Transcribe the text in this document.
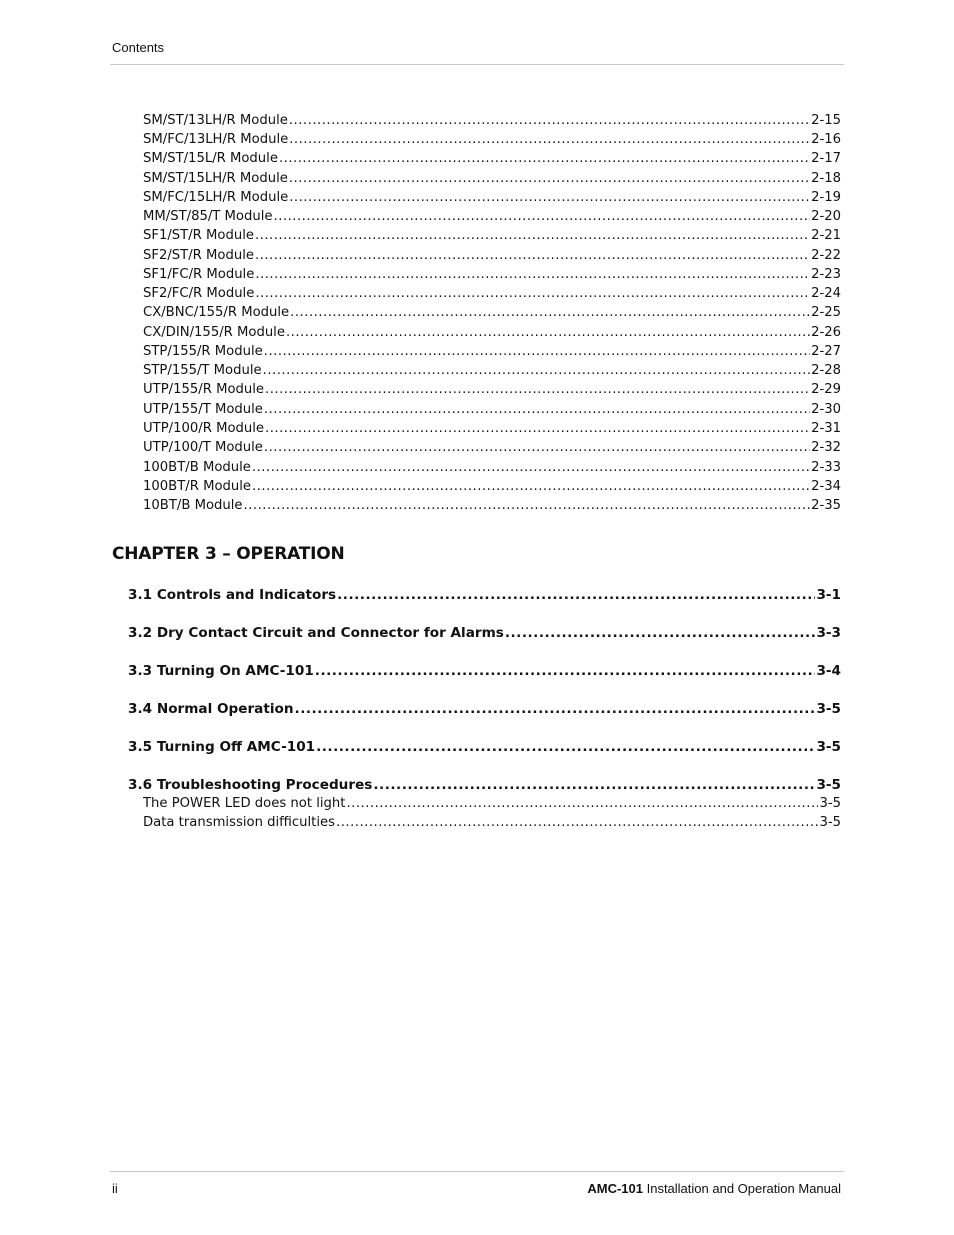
Contents
SM/ST/13LH/R Module .....	2-15
SM/FC/13LH/R Module .....	2-16
SM/ST/15L/R Module .....	2-17
SM/ST/15LH/R Module .....	2-18
SM/FC/15LH/R Module .....	2-19
MM/ST/85/T Module .....	2-20
SF1/ST/R Module .....	2-21
SF2/ST/R Module .....	2-22
SF1/FC/R Module .....	2-23
SF2/FC/R Module .....	2-24
CX/BNC/155/R Module .....	2-25
CX/DIN/155/R Module .....	2-26
STP/155/R Module .....	2-27
STP/155/T Module .....	2-28
UTP/155/R Module .....	2-29
UTP/155/T Module .....	2-30
UTP/100/R Module .....	2-31
UTP/100/T Module .....	2-32
100BT/B Module .....	2-33
100BT/R Module .....	2-34
10BT/B Module .....	2-35
CHAPTER 3 – OPERATION
3.1 Controls and Indicators .....	3-1
3.2 Dry Contact Circuit and Connector for Alarms .....	3-3
3.3 Turning On AMC-101 .....	3-4
3.4 Normal Operation .....	3-5
3.5 Turning Off AMC-101 .....	3-5
3.6 Troubleshooting Procedures .....	3-5
The POWER LED does not light .....	3-5
Data transmission difficulties .....	3-5
ii	AMC-101 Installation and Operation Manual
